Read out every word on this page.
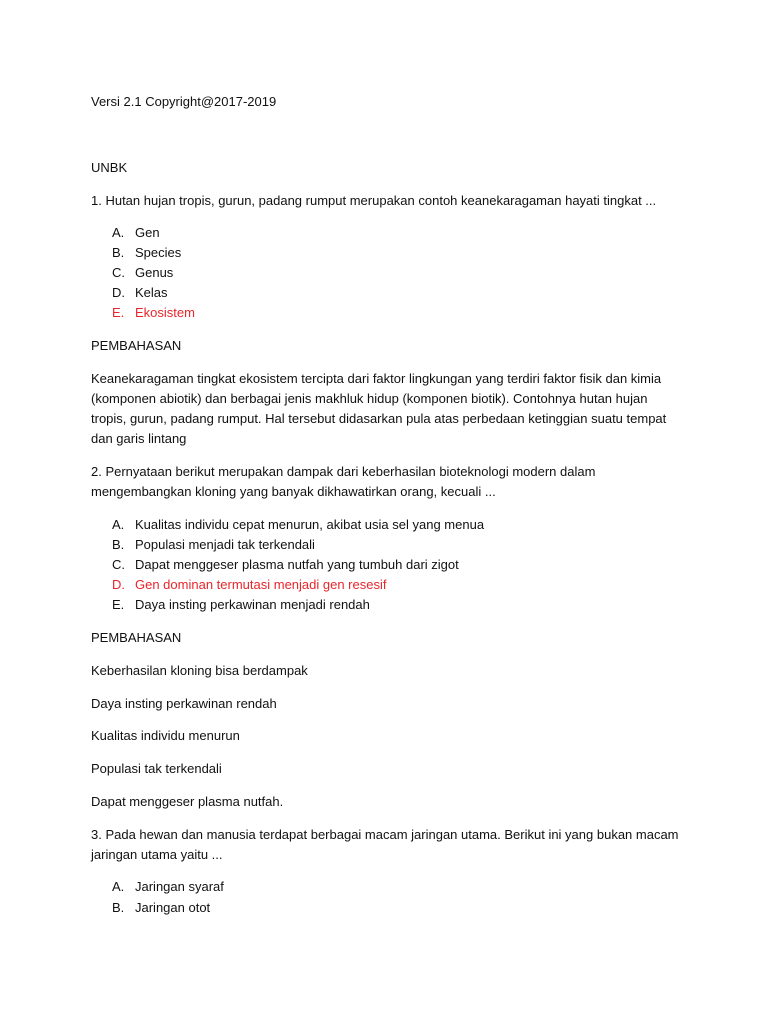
Versi 2.1 Copyright@2017-2019
UNBK
1. Hutan hujan tropis, gurun, padang rumput merupakan contoh keanekaragaman hayati tingkat ...
A. Gen
B. Species
C. Genus
D. Kelas
E. Ekosistem
PEMBAHASAN
Keanekaragaman tingkat ekosistem tercipta dari faktor lingkungan yang terdiri faktor fisik dan kimia (komponen abiotik) dan berbagai jenis makhluk hidup (komponen biotik). Contohnya hutan hujan tropis, gurun, padang rumput. Hal tersebut didasarkan pula atas perbedaan ketinggian suatu tempat dan garis lintang
2. Pernyataan berikut merupakan dampak dari keberhasilan bioteknologi modern dalam mengembangkan kloning yang banyak dikhawatirkan orang, kecuali ...
A. Kualitas individu cepat menurun, akibat usia sel yang menua
B. Populasi menjadi tak terkendali
C. Dapat menggeser plasma nutfah yang tumbuh dari zigot
D. Gen dominan termutasi menjadi gen resesif
E. Daya insting perkawinan menjadi rendah
PEMBAHASAN
Keberhasilan kloning bisa berdampak
Daya insting perkawinan rendah
Kualitas individu menurun
Populasi tak terkendali
Dapat menggeser plasma nutfah.
3. Pada hewan dan manusia terdapat berbagai macam jaringan utama. Berikut ini yang bukan macam jaringan utama yaitu ...
A. Jaringan syaraf
B. Jaringan otot
